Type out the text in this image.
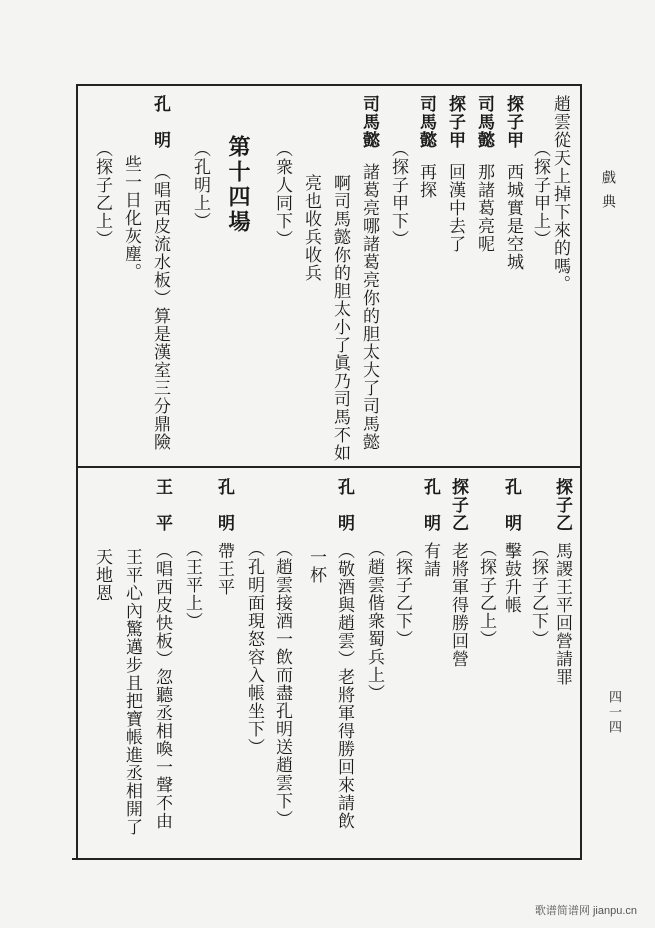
戲典
四一四
趙雲從天上掉下來的嗎。
（探子甲上）
探子甲西城實是空城
司馬懿那諸葛亮呢
探子甲回漢中去了
司馬懿再探
（探子甲下）
司馬懿諸葛亮哪諸葛亮你的胆太大了司馬懿
啊司馬懿你的胆太小了眞乃司馬不如
亮也收兵收兵
（衆人同下）
第十四場
（孔明上）
孔　明（唱西皮流水板）算是漢室三分鼎險
些一日化灰塵。
（探子乙上）
探子乙馬謖王平回營請罪
（探子乙下）
孔　明擊鼓升帳
（探子乙上）
探子乙老將軍得勝回營
孔　明有請
（探子乙下）
（趙雲偕衆蜀兵上）
孔　明（敬酒與趙雲）老將軍得勝回來請飲
一杯
（趙雲接酒一飲而盡孔明送趙雲下）
（孔明面現怒容入帳坐下）
孔　明帶王平
（王平上）
王　平（唱西皮快板）忽聽丞相喚一聲不由
王平心內驚邁步且把寶帳進丞相開了
天地恩
歌谱简谱网 jianpu.cn
